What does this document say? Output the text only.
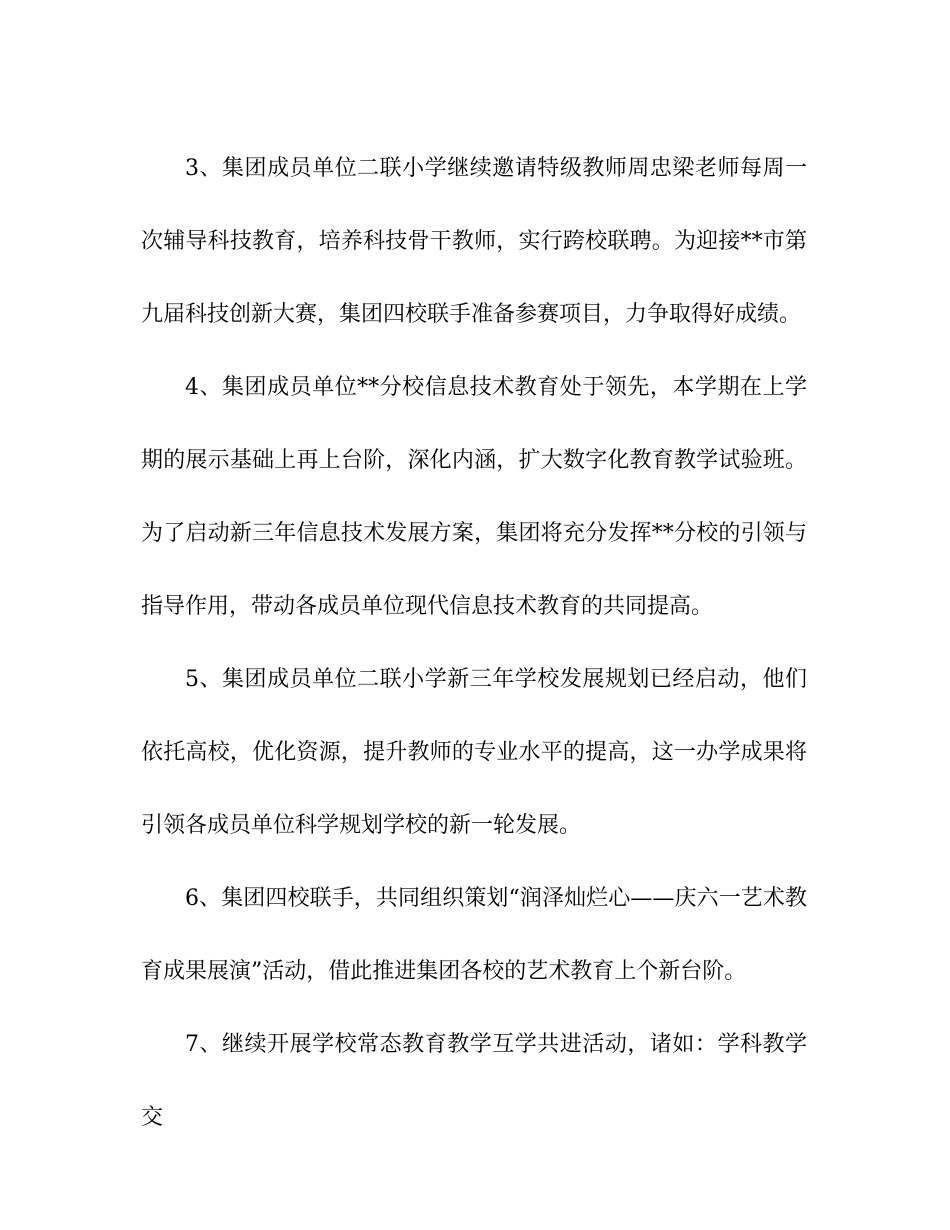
3、集团成员单位二联小学继续邀请特级教师周忠梁老师每周一次辅导科技教育，培养科技骨干教师，实行跨校联聘。为迎接**市第九届科技创新大赛，集团四校联手准备参赛项目，力争取得好成绩。

4、集团成员单位**分校信息技术教育处于领先，本学期在上学期的展示基础上再上台阶，深化内涵，扩大数字化教育教学试验班。为了启动新三年信息技术发展方案，集团将充分发挥**分校的引领与指导作用，带动各成员单位现代信息技术教育的共同提高。

5、集团成员单位二联小学新三年学校发展规划已经启动，他们依托高校，优化资源，提升教师的专业水平的提高，这一办学成果将引领各成员单位科学规划学校的新一轮发展。

6、集团四校联手，共同组织策划“润泽灿烂心——庆六一艺术教育成果展演”活动，借此推进集团各校的艺术教育上个新台阶。

7、继续开展学校常态教育教学互学共进活动，诸如：学科教学交
